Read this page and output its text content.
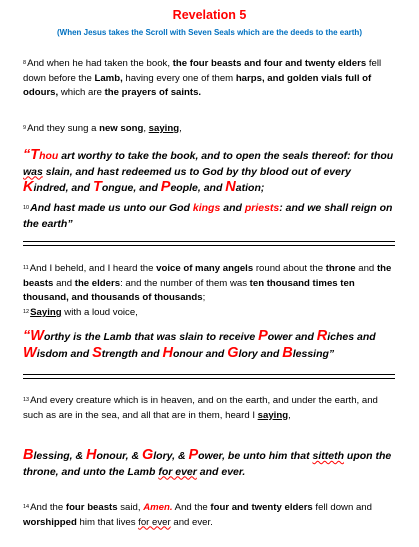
Revelation 5
(When Jesus takes the Scroll with Seven Seals which are the deeds to the earth)
$^8$And when he had taken the book, the four beasts and four and twenty elders fell down before the Lamb, having every one of them harps, and golden vials full of odours, which are the prayers of saints.
$^9$And they sung a new song, saying,
“Thou art worthy to take the book, and to open the seals thereof: for thou was slain, and hast redeemed us to God by thy blood out of every Kindred, and Tongue, and People, and Nation;
10And hast made us unto our God kings and priests: and we shall reign on the earth”
$^{11}$And I beheld, and I heard the voice of many angels round about the throne and the beasts and the elders: and the number of them was ten thousand times ten thousand, and thousands of thousands;
$^{12}$Saying with a loud voice,
“Worthy is the Lamb that was slain to receive Power and Riches and Wisdom and Strength and Honour and Glory and Blessing”
$^{13}$And every creature which is in heaven, and on the earth, and under the earth, and such as are in the sea, and all that are in them, heard I saying,
Blessing, & Honour, & Glory, & Power, be unto him that sitteth upon the throne, and unto the Lamb for ever and ever.
$^{14}$And the four beasts said, Amen. And the four and twenty elders fell down and worshipped him that lives for ever and ever.
